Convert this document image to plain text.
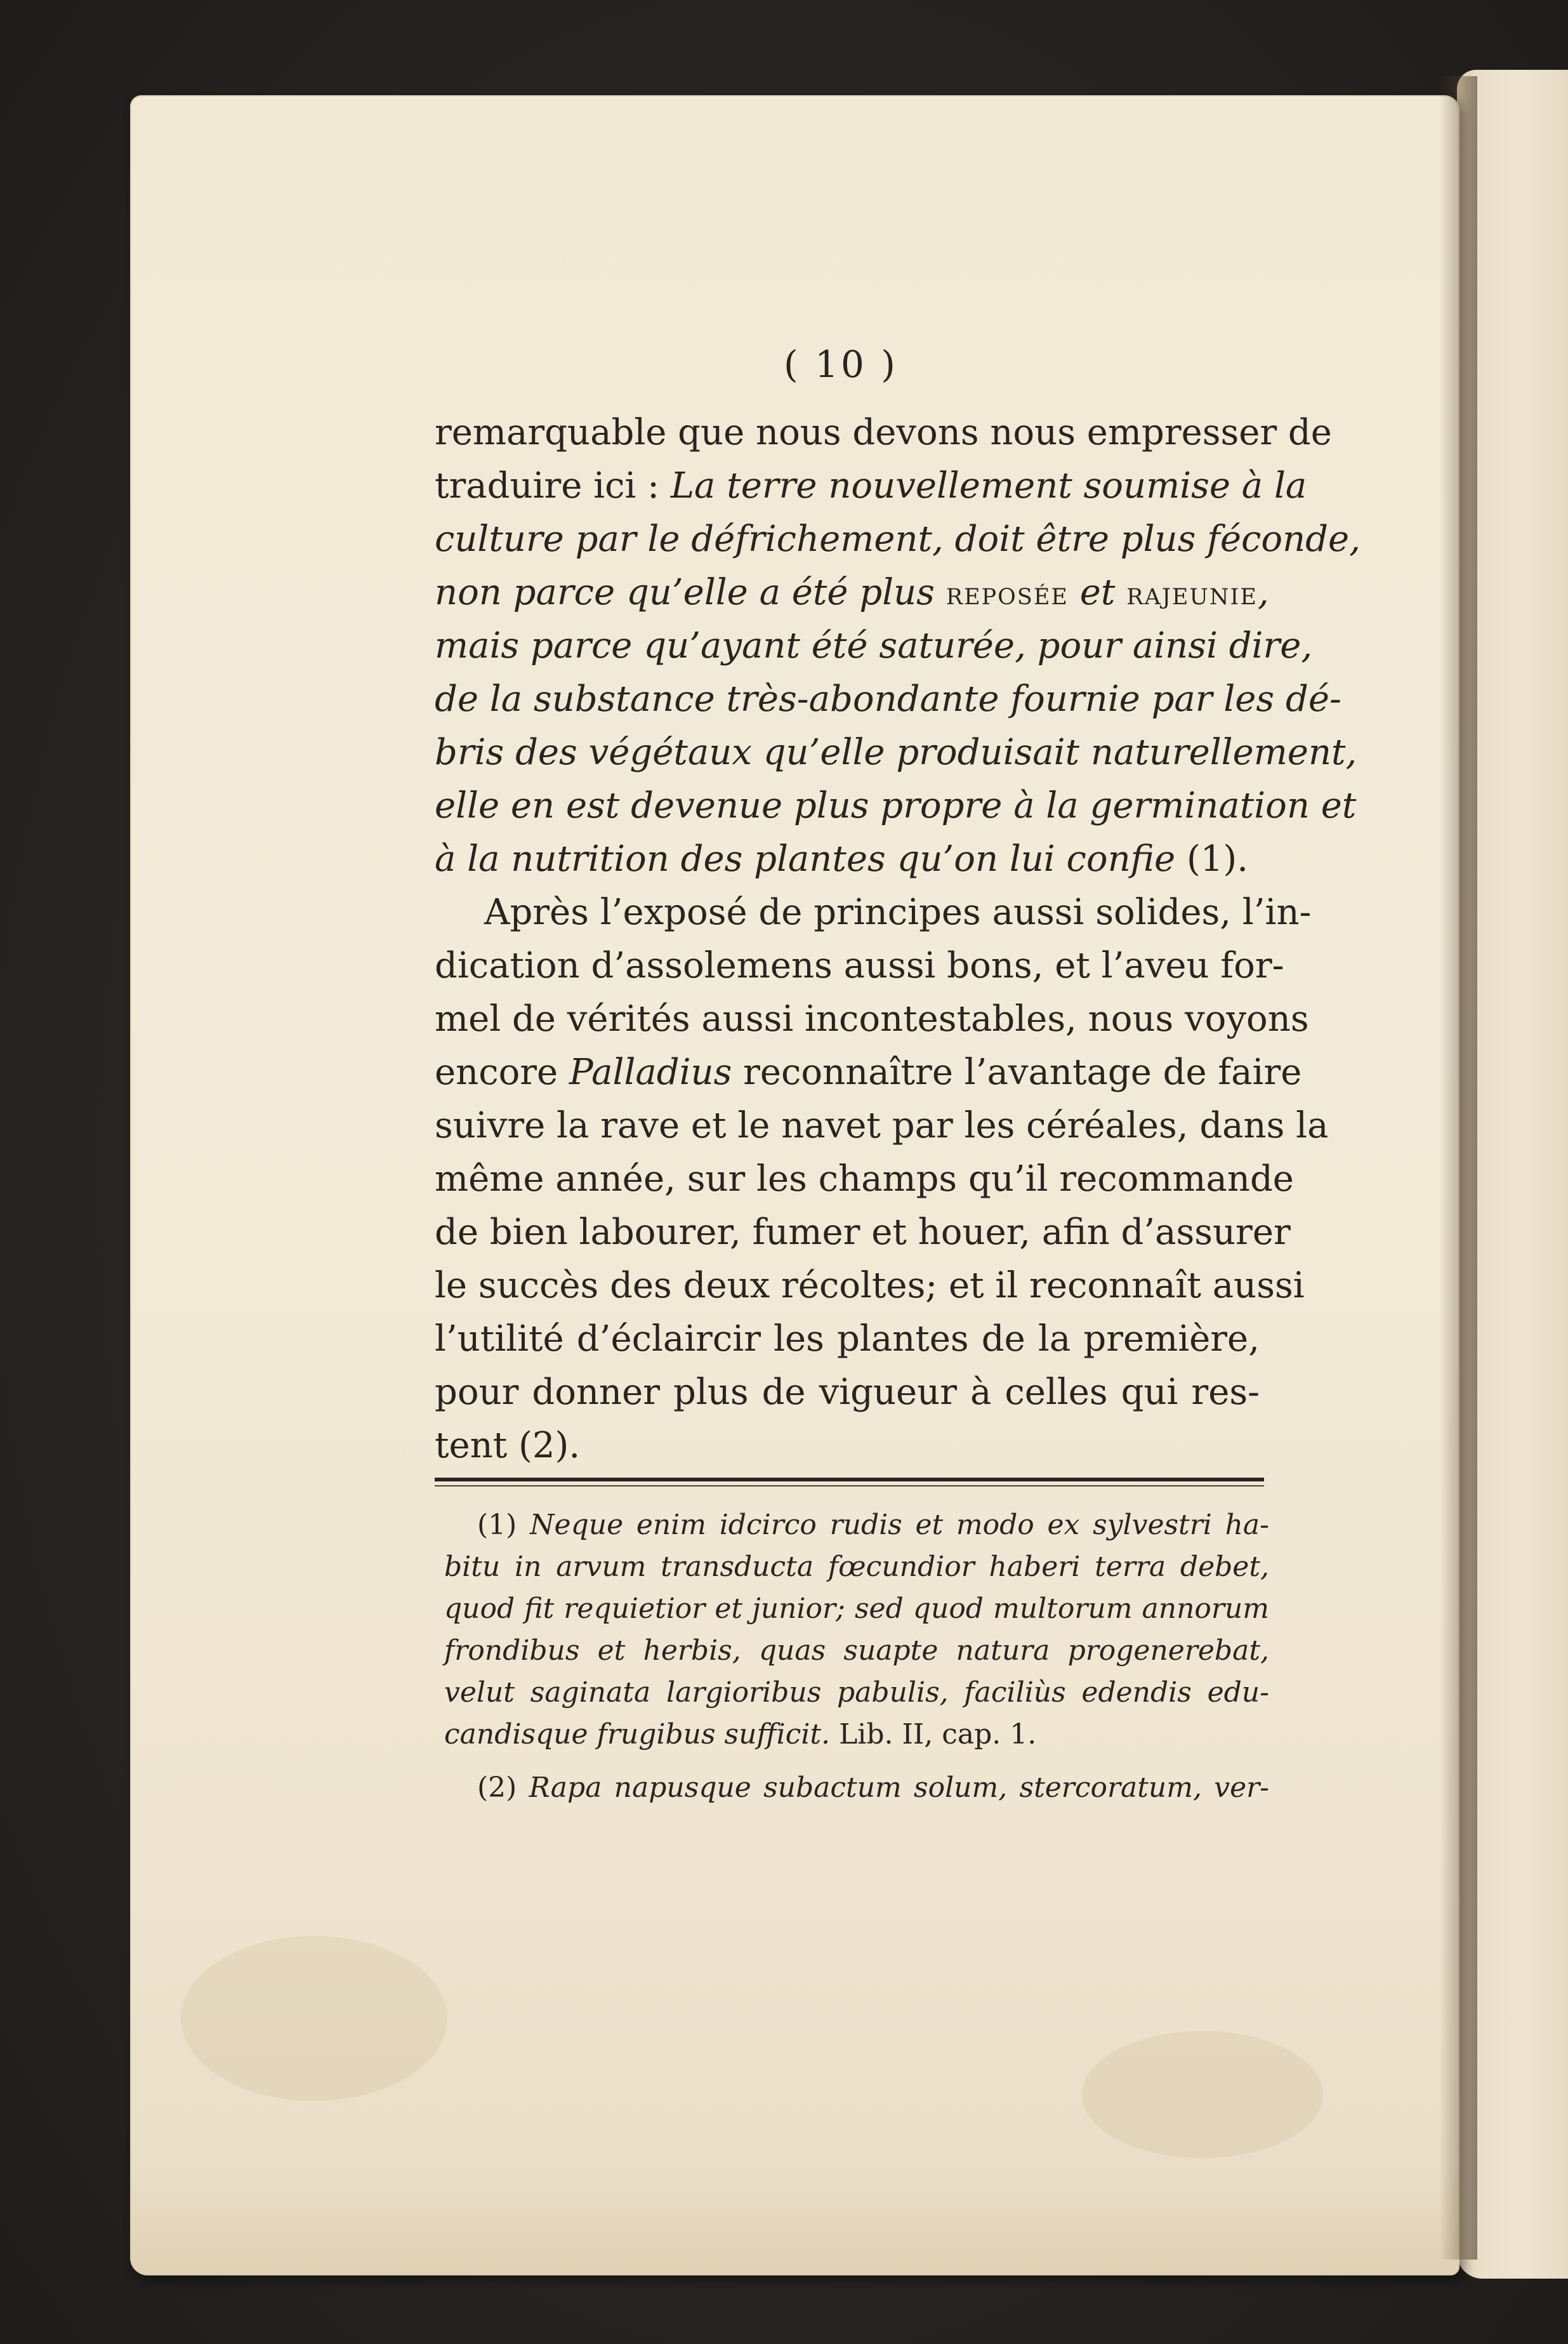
( 10 )
remarquable que nous devons nous empresser de
traduire ici : La terre nouvellement soumise à la
culture par le défrichement, doit être plus féconde,
non parce qu’elle a été plus reposée et rajeunie,
mais parce qu’ayant été saturée, pour ainsi dire,
de la substance très-abondante fournie par les dé-
bris des végétaux qu’elle produisait naturellement,
elle en est devenue plus propre à la germination et
à la nutrition des plantes qu’on lui confie (1).
Après l’exposé de principes aussi solides, l’in-
dication d’assolemens aussi bons, et l’aveu for-
mel de vérités aussi incontestables, nous voyons
encore Palladius reconnaître l’avantage de faire
suivre la rave et le navet par les céréales, dans la
même année, sur les champs qu’il recommande
de bien labourer, fumer et houer, afin d’assurer
le succès des deux récoltes; et il reconnaît aussi
l’utilité d’éclaircir les plantes de la première,
pour donner plus de vigueur à celles qui res-
tent (2).
(1) Neque enim idcirco rudis et modo ex sylvestri ha-
bitu in arvum transducta fœcundior haberi terra debet,
quod fit requietior et junior; sed quod multorum annorum
frondibus et herbis, quas suapte natura progenerebat,
velut saginata largioribus pabulis, faciliùs edendis edu-
candisque frugibus sufficit. Lib. II, cap. 1.
(2) Rapa napusque subactum solum, stercoratum, ver-
